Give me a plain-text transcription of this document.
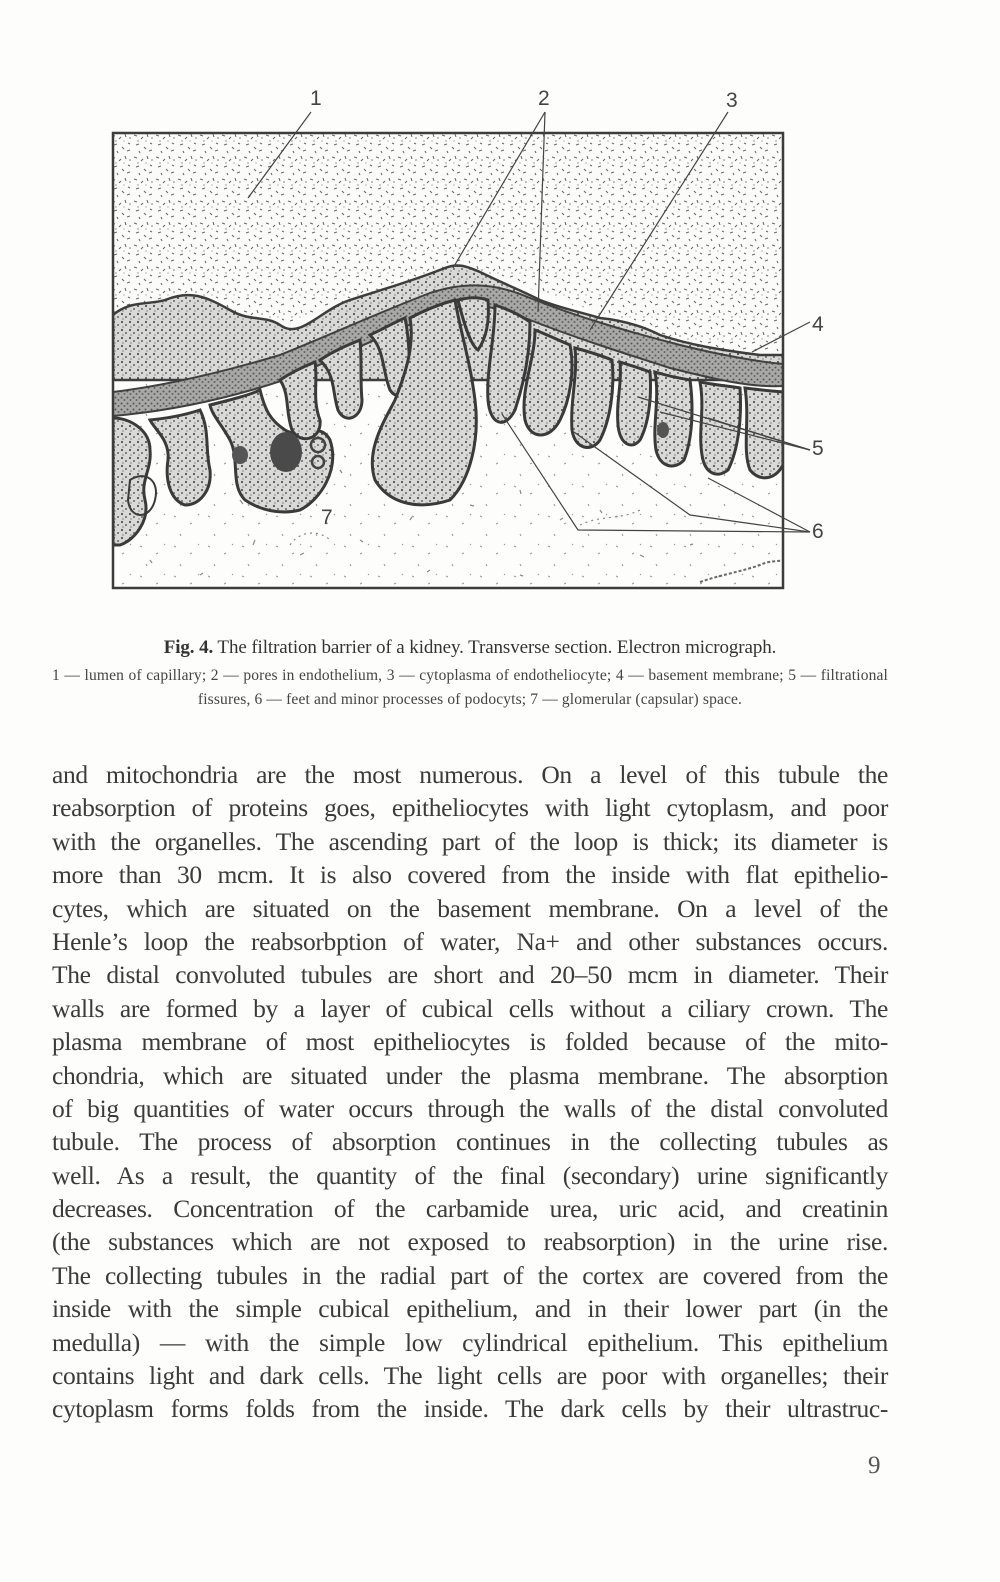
1	2	3
4
5
6
7
Fig. 4. The filtration barrier of a kidney. Transverse section. Electron micrograph.
1 — lumen of capillary; 2 — pores in endothelium, 3 — cytoplasma of endotheliocyte; 4 — basement membrane; 5 — filtrational fissures, 6 — feet and minor processes of podocyts; 7 — glomerular (capsular) space.
and mitochondria are the most numerous. On a level of this tubule the
reabsorption of proteins goes, epitheliocytes with light cytoplasm, and poor
with the organelles. The ascending part of the loop is thick; its diameter is
more than 30 mcm. It is also covered from the inside with flat epithelio-
cytes, which are situated on the basement membrane. On a level of the
Henle’s loop the reabsorbption of water, Na+ and other substances occurs.
The distal convoluted tubules are short and 20–50 mcm in diameter. Their
walls are formed by a layer of cubical cells without a ciliary crown. The
plasma membrane of most epitheliocytes is folded because of the mito-
chondria, which are situated under the plasma membrane. The absorption
of big quantities of water occurs through the walls of the distal convoluted
tubule. The process of absorption continues in the collecting tubules as
well. As a result, the quantity of the final (secondary) urine significantly
decreases. Concentration of the carbamide urea, uric acid, and creatinin
(the substances which are not exposed to reabsorption) in the urine rise.
The collecting tubules in the radial part of the cortex are covered from the
inside with the simple cubical epithelium, and in their lower part (in the
medulla) — with the simple low cylindrical epithelium. This epithelium
contains light and dark cells. The light cells are poor with organelles; their
cytoplasm forms folds from the inside. The dark cells by their ultrastruc-
9
